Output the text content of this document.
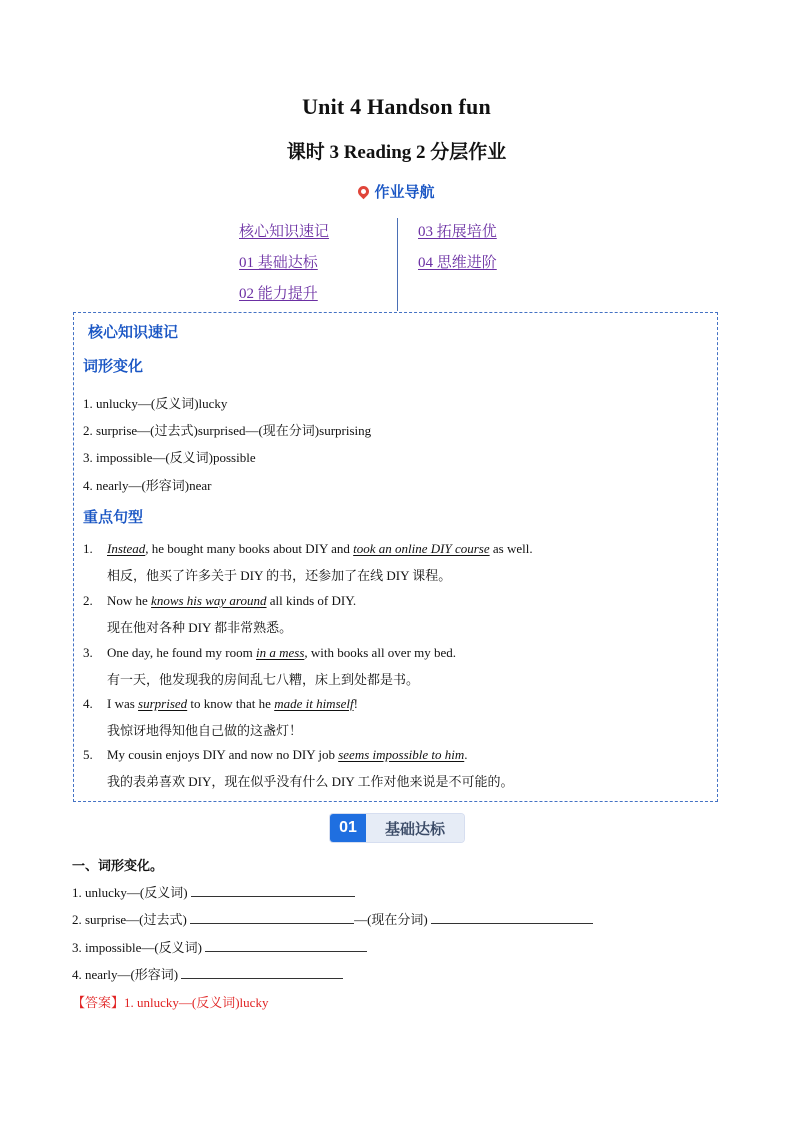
Unit 4 Handson fun
课时 3 Reading 2 分层作业
作业导航
核心知识速记
01 基础达标
02 能力提升
03 拓展培优
04 思维进阶
核心知识速记
词形变化
1. unlucky—(反义词)lucky
2. surprise—(过去式)surprised—(现在分词)surprising
3. impossible—(反义词)possible
4. nearly—(形容词)near
重点句型
1. Instead, he bought many books about DIY and took an online DIY course as well.
相反，他买了许多关于 DIY 的书，还参加了在线 DIY 课程。
2. Now he knows his way around all kinds of DIY.
现在他对各种 DIY 都非常熟悉。
3. One day, he found my room in a mess, with books all over my bed.
有一天，他发现我的房间乱七八糟，床上到处都是书。
4. I was surprised to know that he made it himself!
我惊讶地得知他自己做的这盏灯！
5. My cousin enjoys DIY and now no DIY job seems impossible to him.
我的表弟喜欢 DIY，现在似乎没有什么 DIY 工作对他来说是不可能的。
01	基础达标
一、词形变化。
1. unlucky—(反义词)
2. surprise—(过去式)	—(现在分词)
3. impossible—(反义词)
4. nearly—(形容词)
【答案】1. unlucky—(反义词)lucky
